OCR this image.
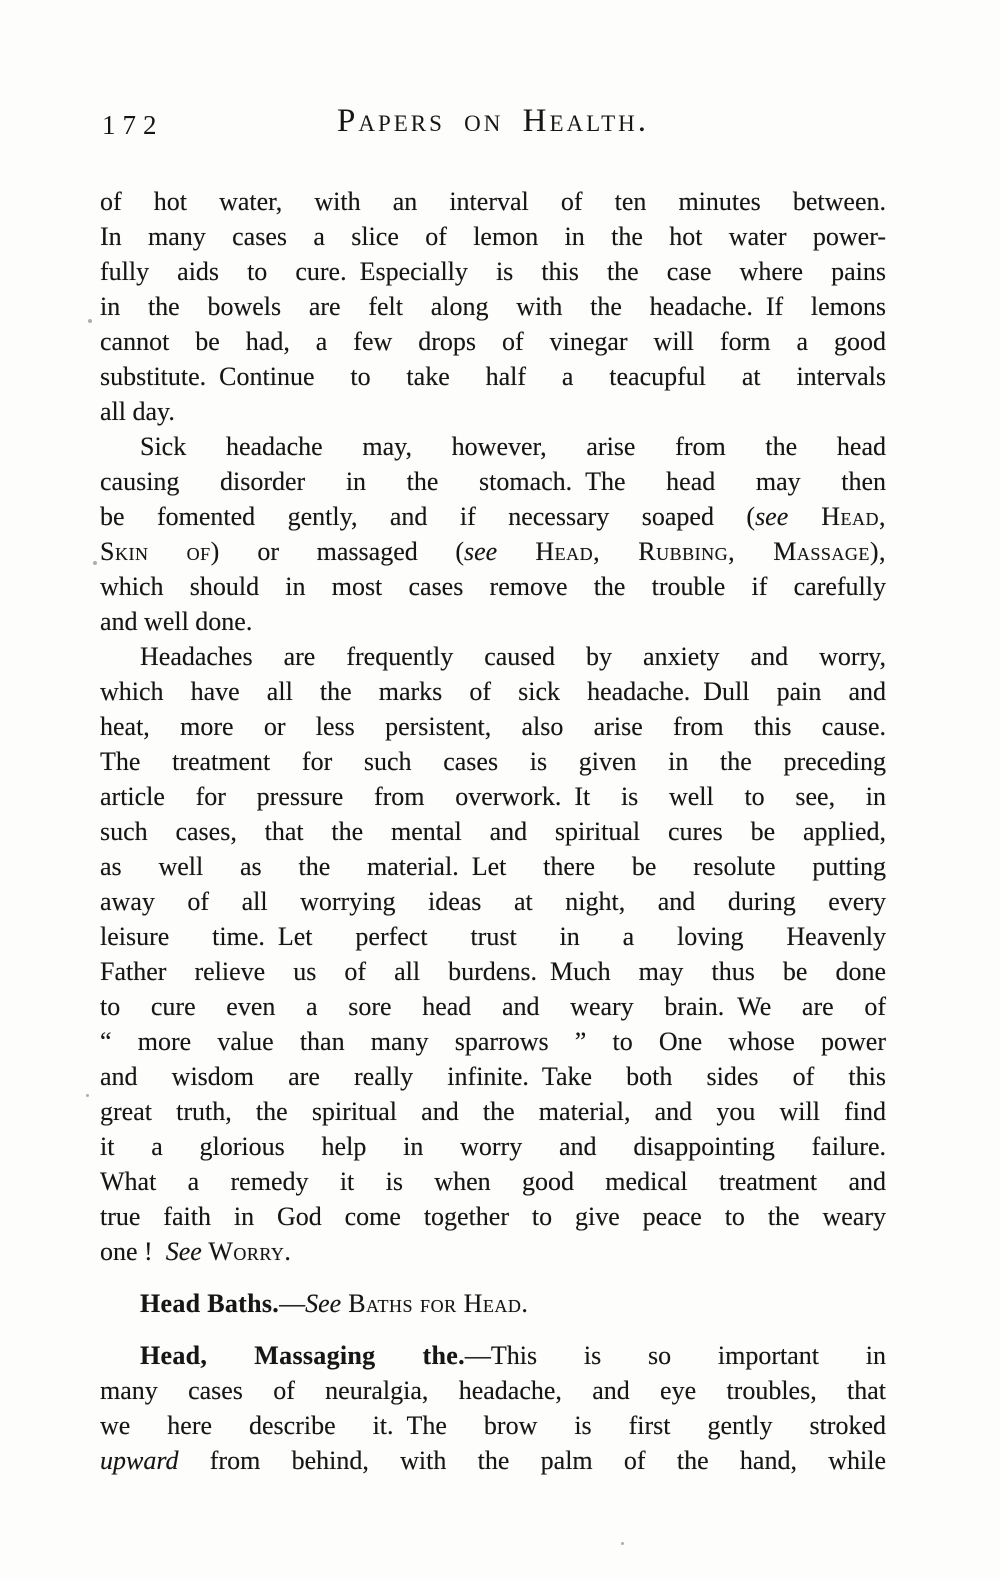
172	Papers on Health.
of hot water, with an interval of ten minutes between.
In many cases a slice of lemon in the hot water power-
fully aids to cure. Especially is this the case where pains
in the bowels are felt along with the headache. If lemons
cannot be had, a few drops of vinegar will form a good
substitute. Continue to take half a teacupful at intervals
all day.
Sick headache may, however, arise from the head
causing disorder in the stomach. The head may then
be fomented gently, and if necessary soaped (see Head,
Skin of) or massaged (see Head, Rubbing, Massage),
which should in most cases remove the trouble if carefully
and well done.
Headaches are frequently caused by anxiety and worry,
which have all the marks of sick headache. Dull pain and
heat, more or less persistent, also arise from this cause.
The treatment for such cases is given in the preceding
article for pressure from overwork. It is well to see, in
such cases, that the mental and spiritual cures be applied,
as well as the material. Let there be resolute putting
away of all worrying ideas at night, and during every
leisure time. Let perfect trust in a loving Heavenly
Father relieve us of all burdens. Much may thus be done
to cure even a sore head and weary brain. We are of
“ more value than many sparrows ” to One whose power
and wisdom are really infinite. Take both sides of this
great truth, the spiritual and the material, and you will find
it a glorious help in worry and disappointing failure.
What a remedy it is when good medical treatment and
true faith in God come together to give peace to the weary
one ! See Worry.
Head Baths.—See Baths for Head.
Head, Massaging the.—This is so important in
many cases of neuralgia, headache, and eye troubles, that
we here describe it. The brow is first gently stroked
upward from behind, with the palm of the hand, while
